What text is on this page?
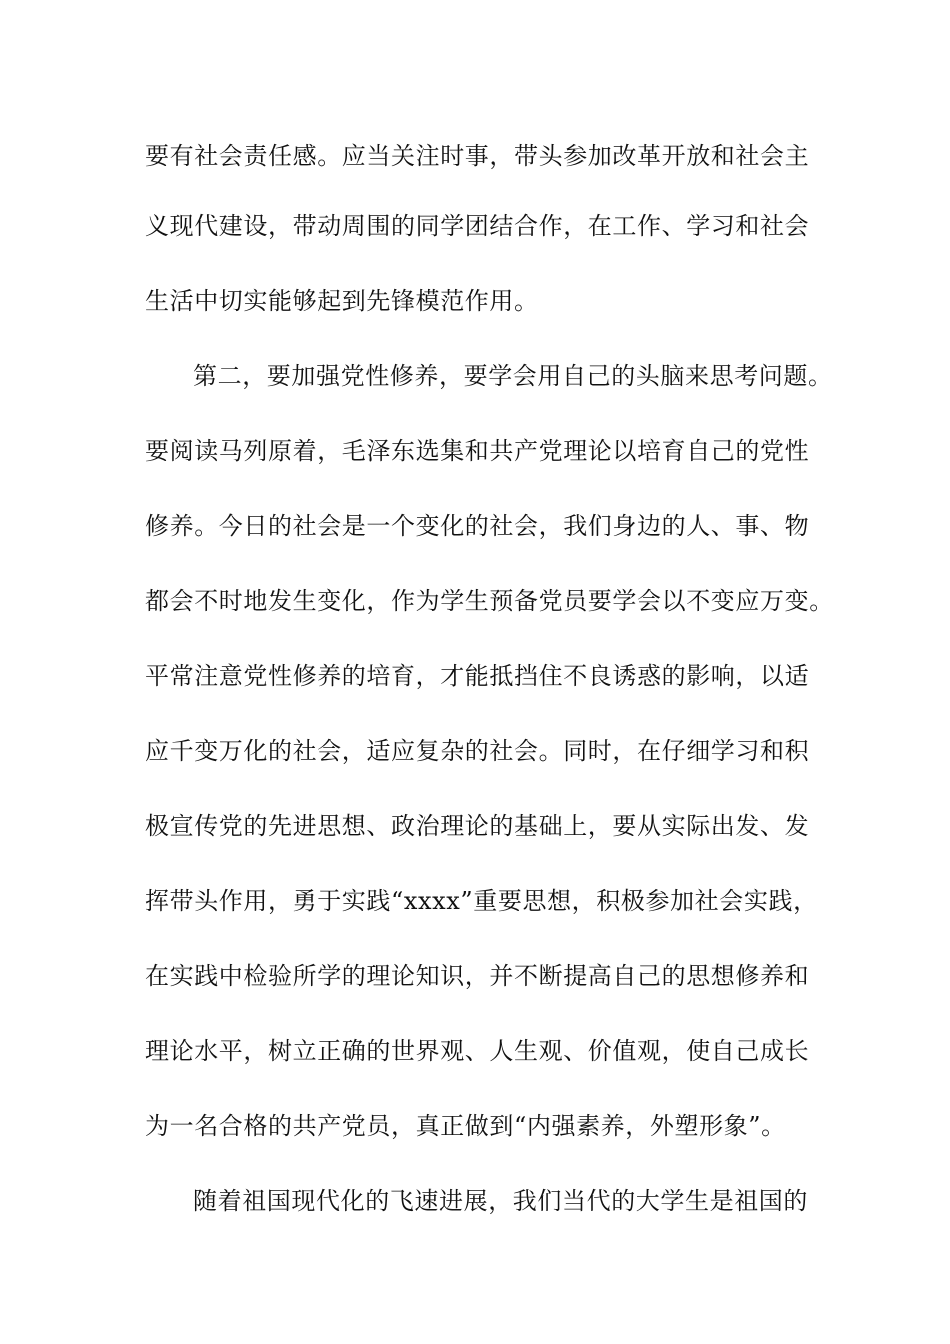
要有社会责任感。应当关注时事，带头参加改革开放和社会主
义现代建设，带动周围的同学团结合作，在工作、学习和社会
生活中切实能够起到先锋模范作用。
第二，要加强党性修养，要学会用自己的头脑来思考问题。
要阅读马列原着，毛泽东选集和共产党理论以培育自己的党性
修养。今日的社会是一个变化的社会，我们身边的人、事、物
都会不时地发生变化，作为学生预备党员要学会以不变应万变。
平常注意党性修养的培育，才能抵挡住不良诱惑的影响，以适
应千变万化的社会，适应复杂的社会。同时，在仔细学习和积
极宣传党的先进思想、政治理论的基础上，要从实际出发、发
挥带头作用，勇于实践“xxxx”重要思想，积极参加社会实践，
在实践中检验所学的理论知识，并不断提高自己的思想修养和
理论水平，树立正确的世界观、人生观、价值观，使自己成长
为一名合格的共产党员，真正做到“内强素养，外塑形象”。
随着祖国现代化的飞速进展，我们当代的大学生是祖国的
